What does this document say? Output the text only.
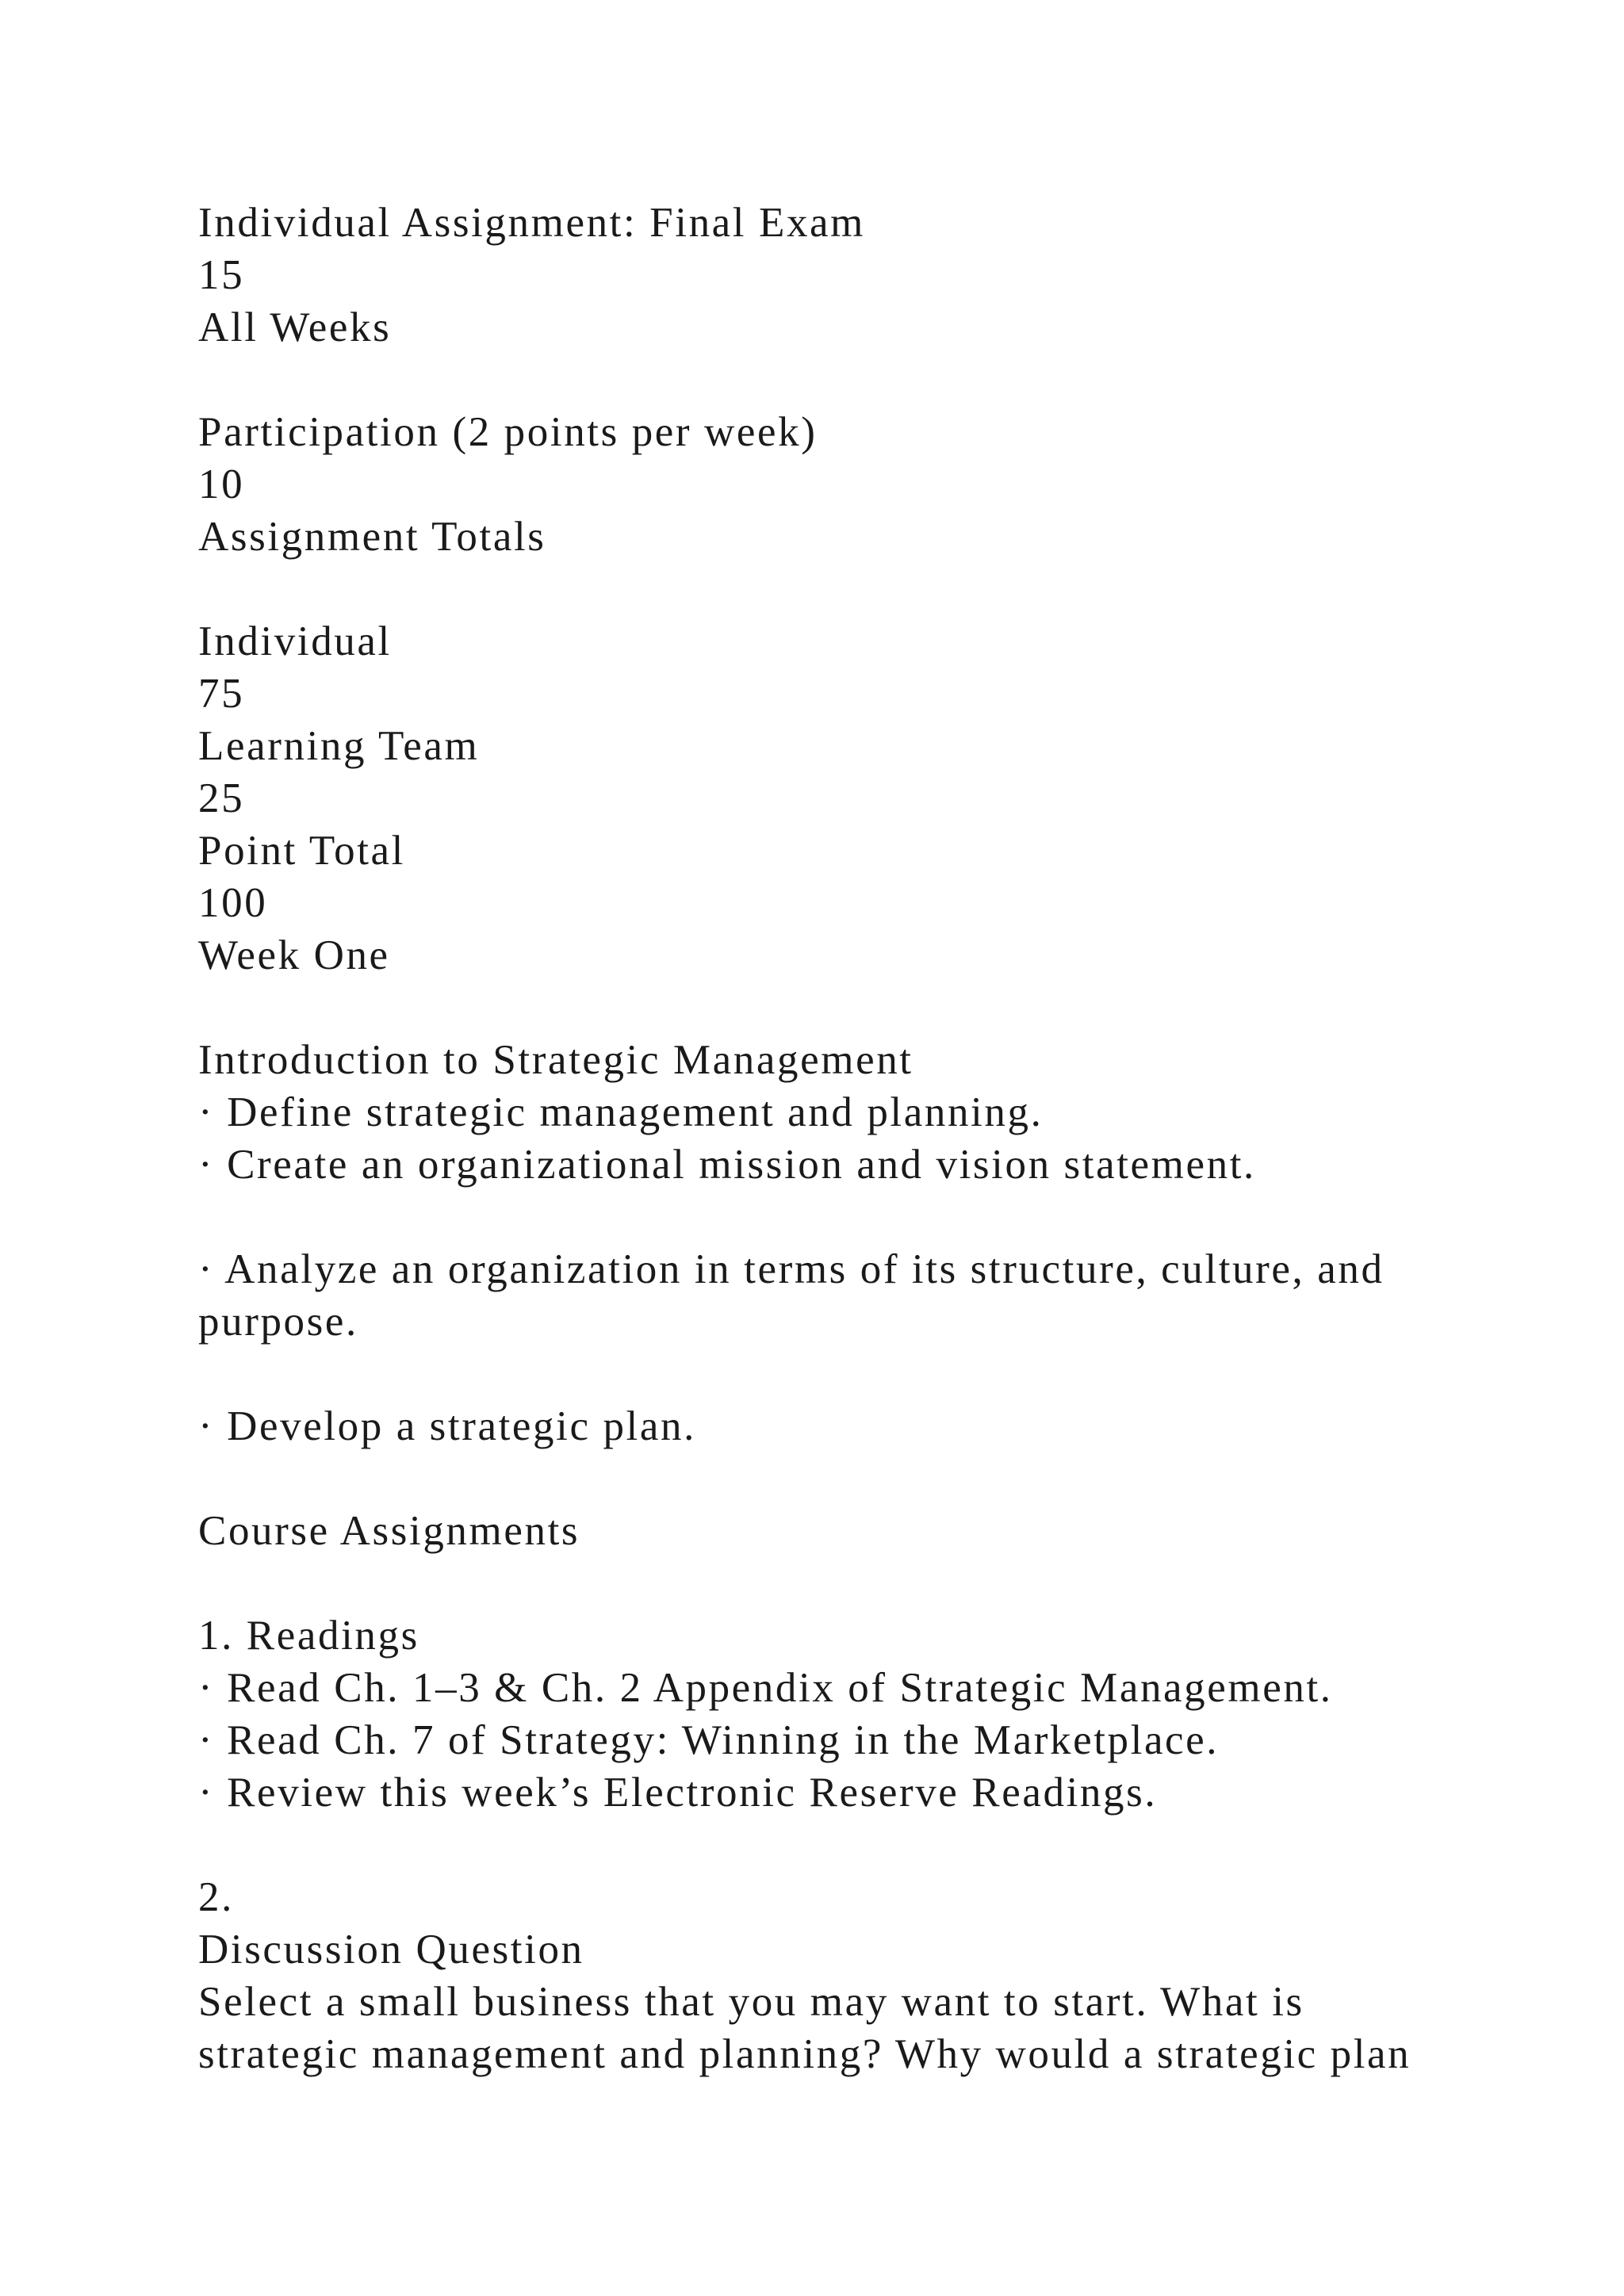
Individual Assignment: Final Exam
15
All Weeks
Participation (2 points per week)
10
Assignment Totals
Individual
75
Learning Team
25
Point Total
100
Week One
Introduction to Strategic Management
· Define strategic management and planning.
· Create an organizational mission and vision statement.
· Analyze an organization in terms of its structure, culture, and
purpose.
· Develop a strategic plan.
Course Assignments
1. Readings
· Read Ch. 1–3 & Ch. 2 Appendix of Strategic Management.
· Read Ch. 7 of Strategy: Winning in the Marketplace.
· Review this week’s Electronic Reserve Readings.
2.
Discussion Question
Select a small business that you may want to start. What is
strategic management and planning? Why would a strategic plan
